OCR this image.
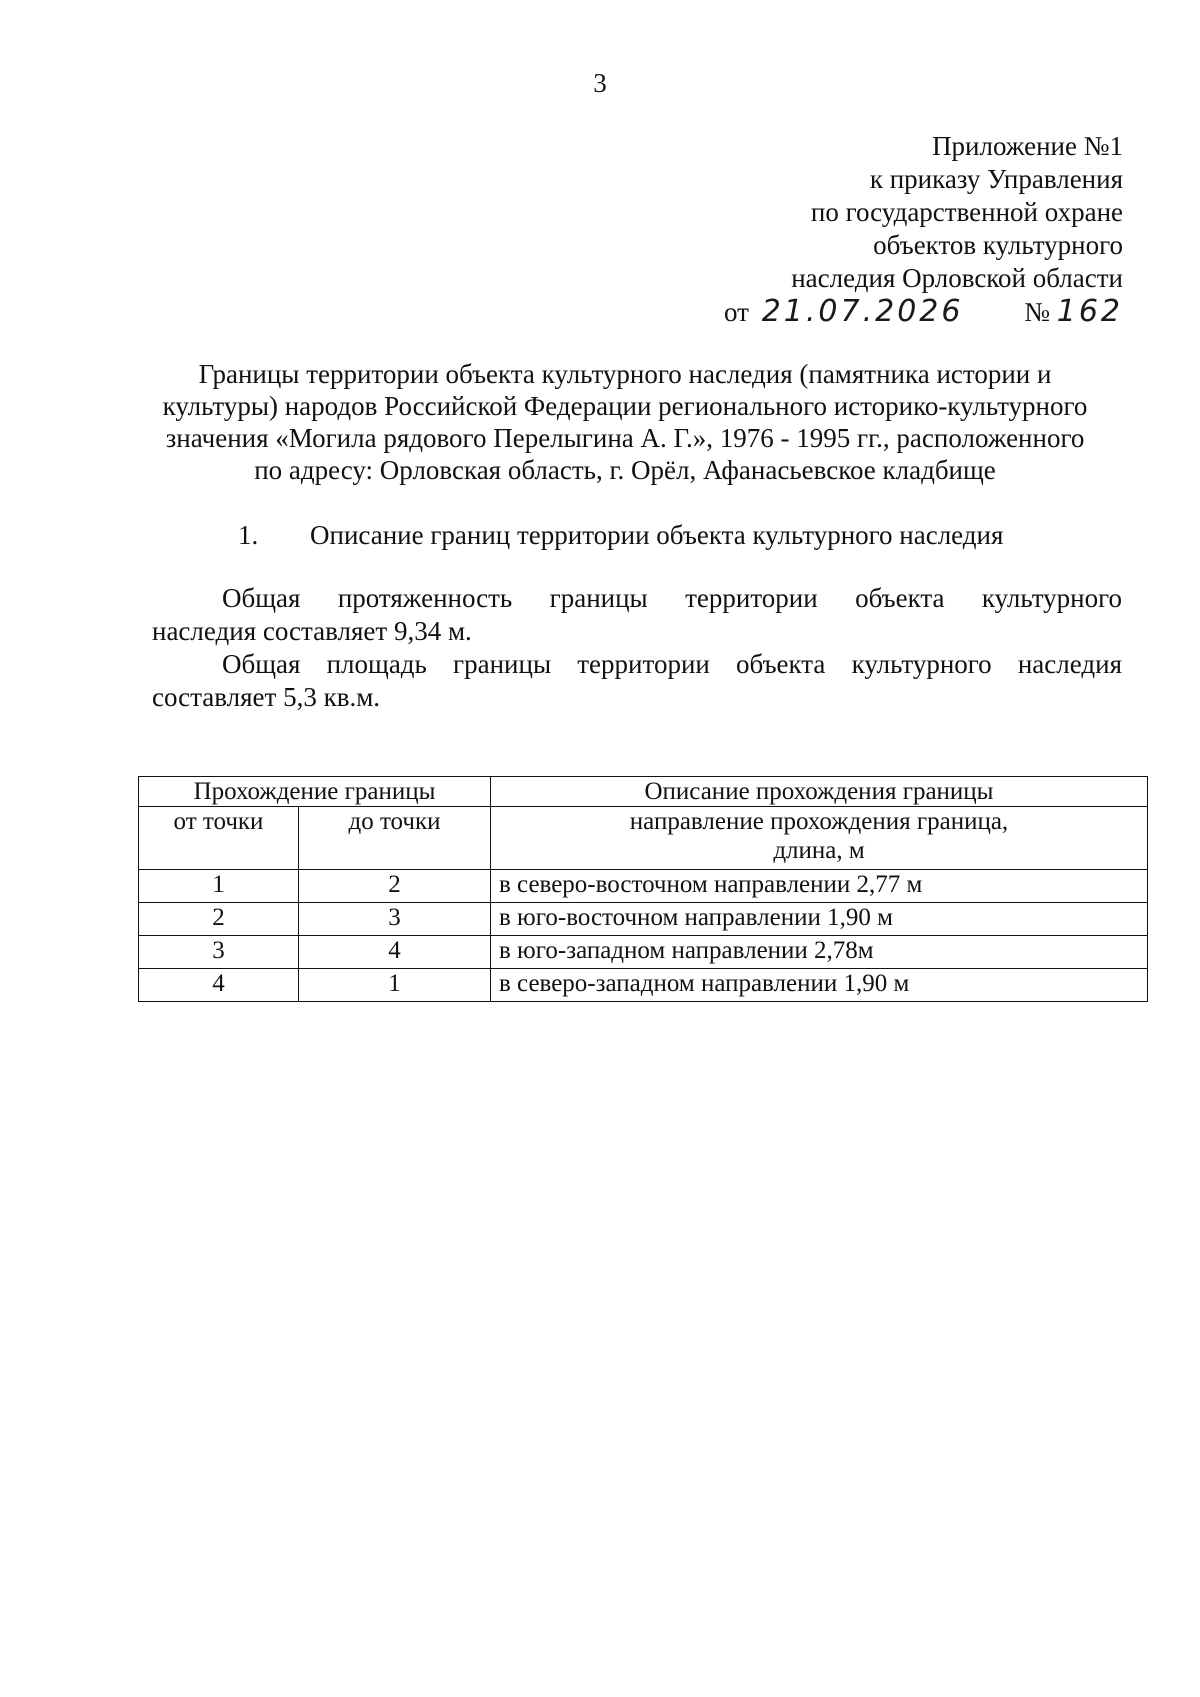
3
Приложение №1
к приказу Управления
по государственной охране
объектов культурного
наследия Орловской области
от 21.07.2026 № 162
Границы территории объекта культурного наследия (памятника истории и
культуры) народов Российской Федерации регионального историко-культурного
значения «Могила рядового Перелыгина А. Г.», 1976 - 1995 гг., расположенного
по адресу: Орловская область, г. Орёл, Афанасьевское кладбище
1. Описание границ территории объекта культурного наследия
Общая протяженность границы территории объекта культурного
наследия составляет 9,34 м.
Общая площадь границы территории объекта культурного наследия
составляет 5,3 кв.м.
Прохождение границы		Описание прохождения границы
от точки	до точки	направление прохождения граница,
длина, м

1	2	в северо-восточном направлении 2,77 м
2	3	в юго-восточном направлении 1,90 м
3	4	в юго-западном направлении 2,78м
4	1	в северо-западном направлении 1,90 м
